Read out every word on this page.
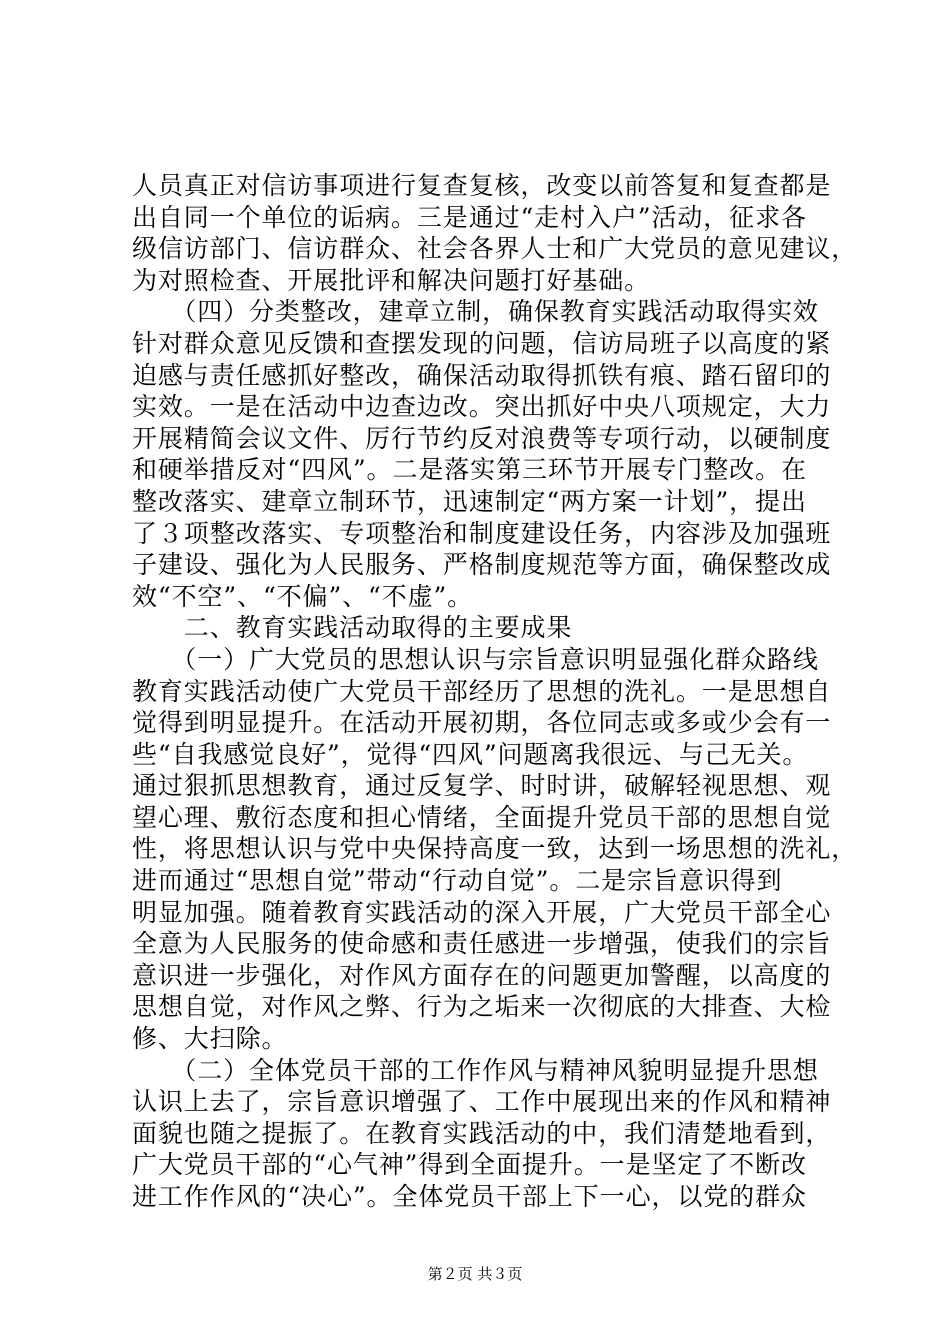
人员真正对信访事项进行复查复核，改变以前答复和复查都是
出自同一个单位的诟病。三是通过“走村入户”活动，征求各
级信访部门、信访群众、社会各界人士和广大党员的意见建议，
为对照检查、开展批评和解决问题打好基础。
　　（四）分类整改，建章立制，确保教育实践活动取得实效
针对群众意见反馈和查摆发现的问题，信访局班子以高度的紧
迫感与责任感抓好整改，确保活动取得抓铁有痕、踏石留印的
实效。一是在活动中边查边改。突出抓好中央八项规定，大力
开展精简会议文件、厉行节约反对浪费等专项行动，以硬制度
和硬举措反对“四风”。二是落实第三环节开展专门整改。在
整改落实、建章立制环节，迅速制定“两方案一计划”，提出
了３项整改落实、专项整治和制度建设任务，内容涉及加强班
子建设、强化为人民服务、严格制度规范等方面，确保整改成
效“不空”、“不偏”、“不虚”。
　　二、教育实践活动取得的主要成果
　　（一）广大党员的思想认识与宗旨意识明显强化群众路线
教育实践活动使广大党员干部经历了思想的洗礼。一是思想自
觉得到明显提升。在活动开展初期，各位同志或多或少会有一
些“自我感觉良好”，觉得“四风”问题离我很远、与己无关。
通过狠抓思想教育，通过反复学、时时讲，破解轻视思想、观
望心理、敷衍态度和担心情绪，全面提升党员干部的思想自觉
性，将思想认识与党中央保持高度一致，达到一场思想的洗礼，
进而通过“思想自觉”带动“行动自觉”。二是宗旨意识得到
明显加强。随着教育实践活动的深入开展，广大党员干部全心
全意为人民服务的使命感和责任感进一步增强，使我们的宗旨
意识进一步强化，对作风方面存在的问题更加警醒，以高度的
思想自觉，对作风之弊、行为之垢来一次彻底的大排查、大检
修、大扫除。
　　（二）全体党员干部的工作作风与精神风貌明显提升思想
认识上去了，宗旨意识增强了、工作中展现出来的作风和精神
面貌也随之提振了。在教育实践活动的中，我们清楚地看到，
广大党员干部的“心气神”得到全面提升。一是坚定了不断改
进工作作风的“决心”。全体党员干部上下一心，以党的群众
第２页 共３页
